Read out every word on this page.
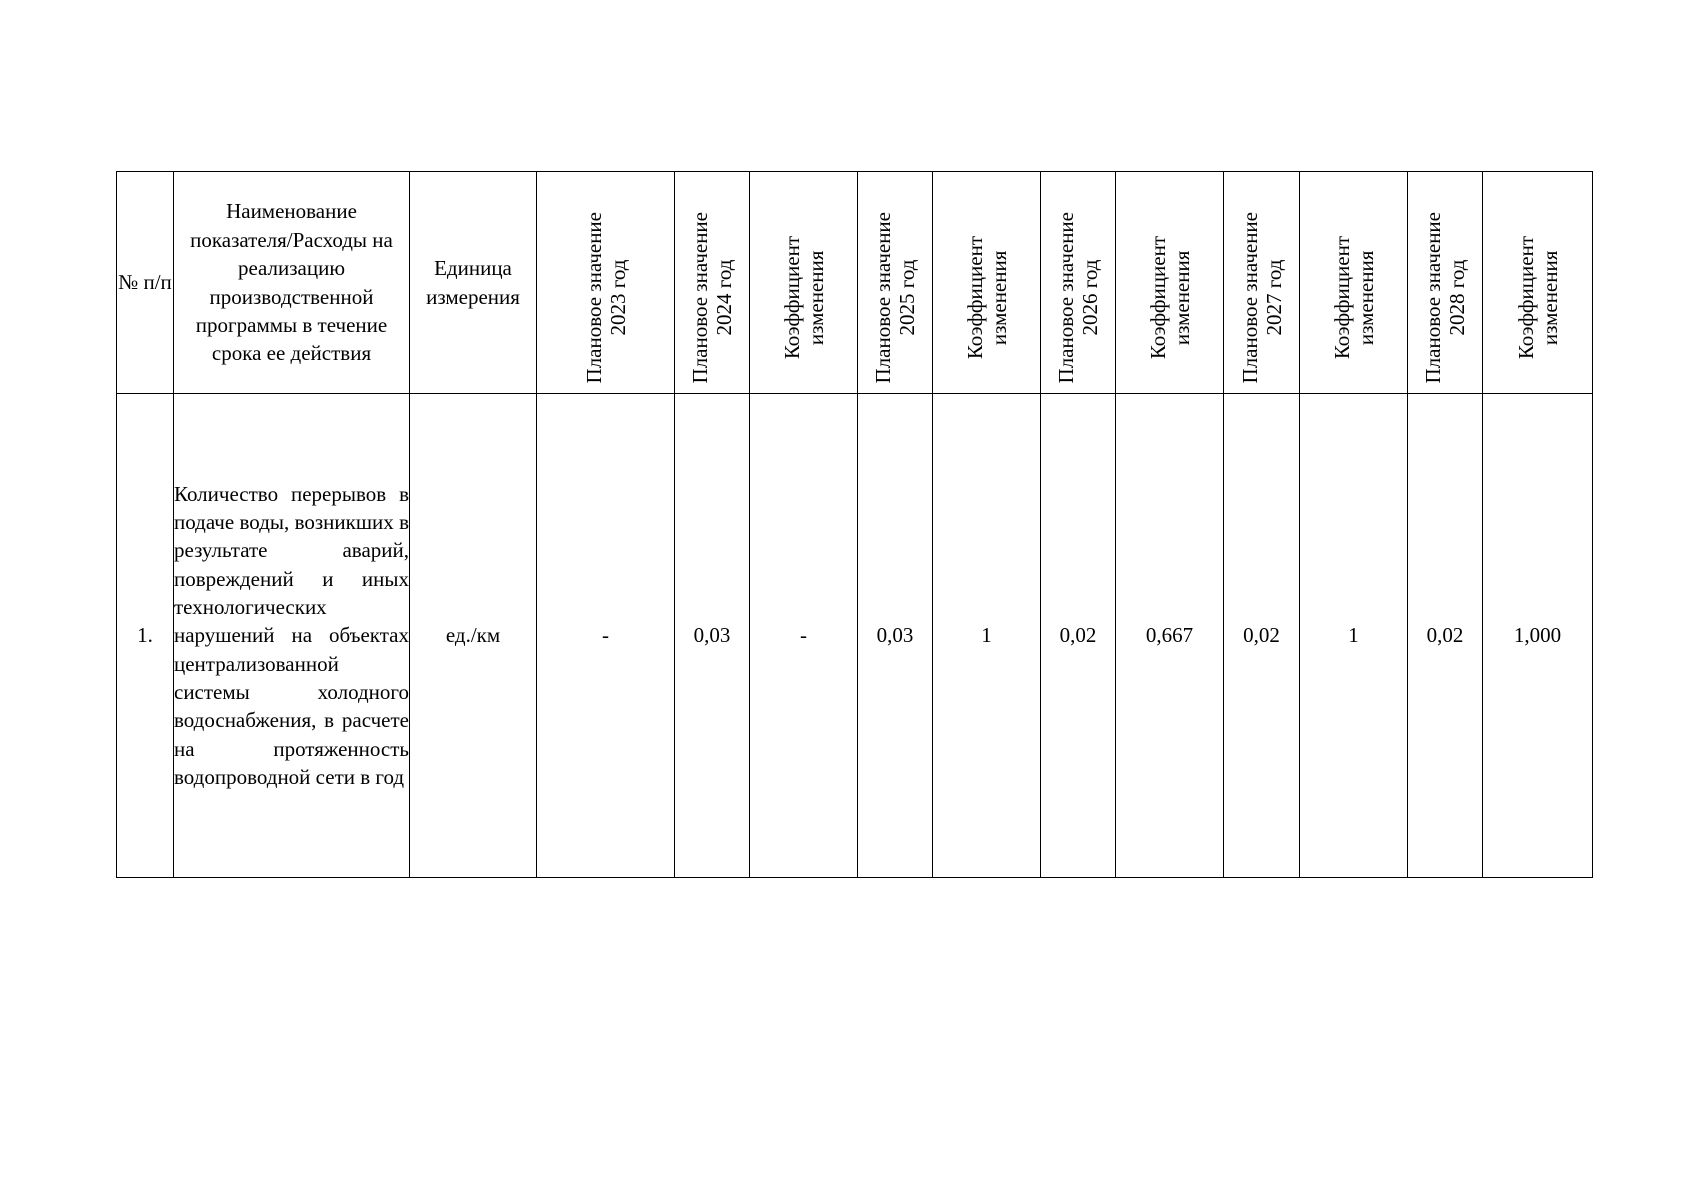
№ п/п	Наименование показателя/Расходы на реализацию производственной программы в течение срока ее действия	Единица измерения	Плановое значение 2023 год	Плановое значение 2024 год	Коэффициент изменения	Плановое значение 2025 год	Коэффициент изменения	Плановое значение 2026 год	Коэффициент изменения	Плановое значение 2027 год	Коэффициент изменения	Плановое значение 2028 год	Коэффициент изменения

1.	Количество перерывов в подаче воды, возникших в результате аварий, повреждений и иных технологических нарушений на объектах централизованной системы холодного водоснабжения, в расчете на протяженность водопроводной сети в год	ед./км	-	0,03	-	0,03	1	0,02	0,667	0,02	1	0,02	1,000
